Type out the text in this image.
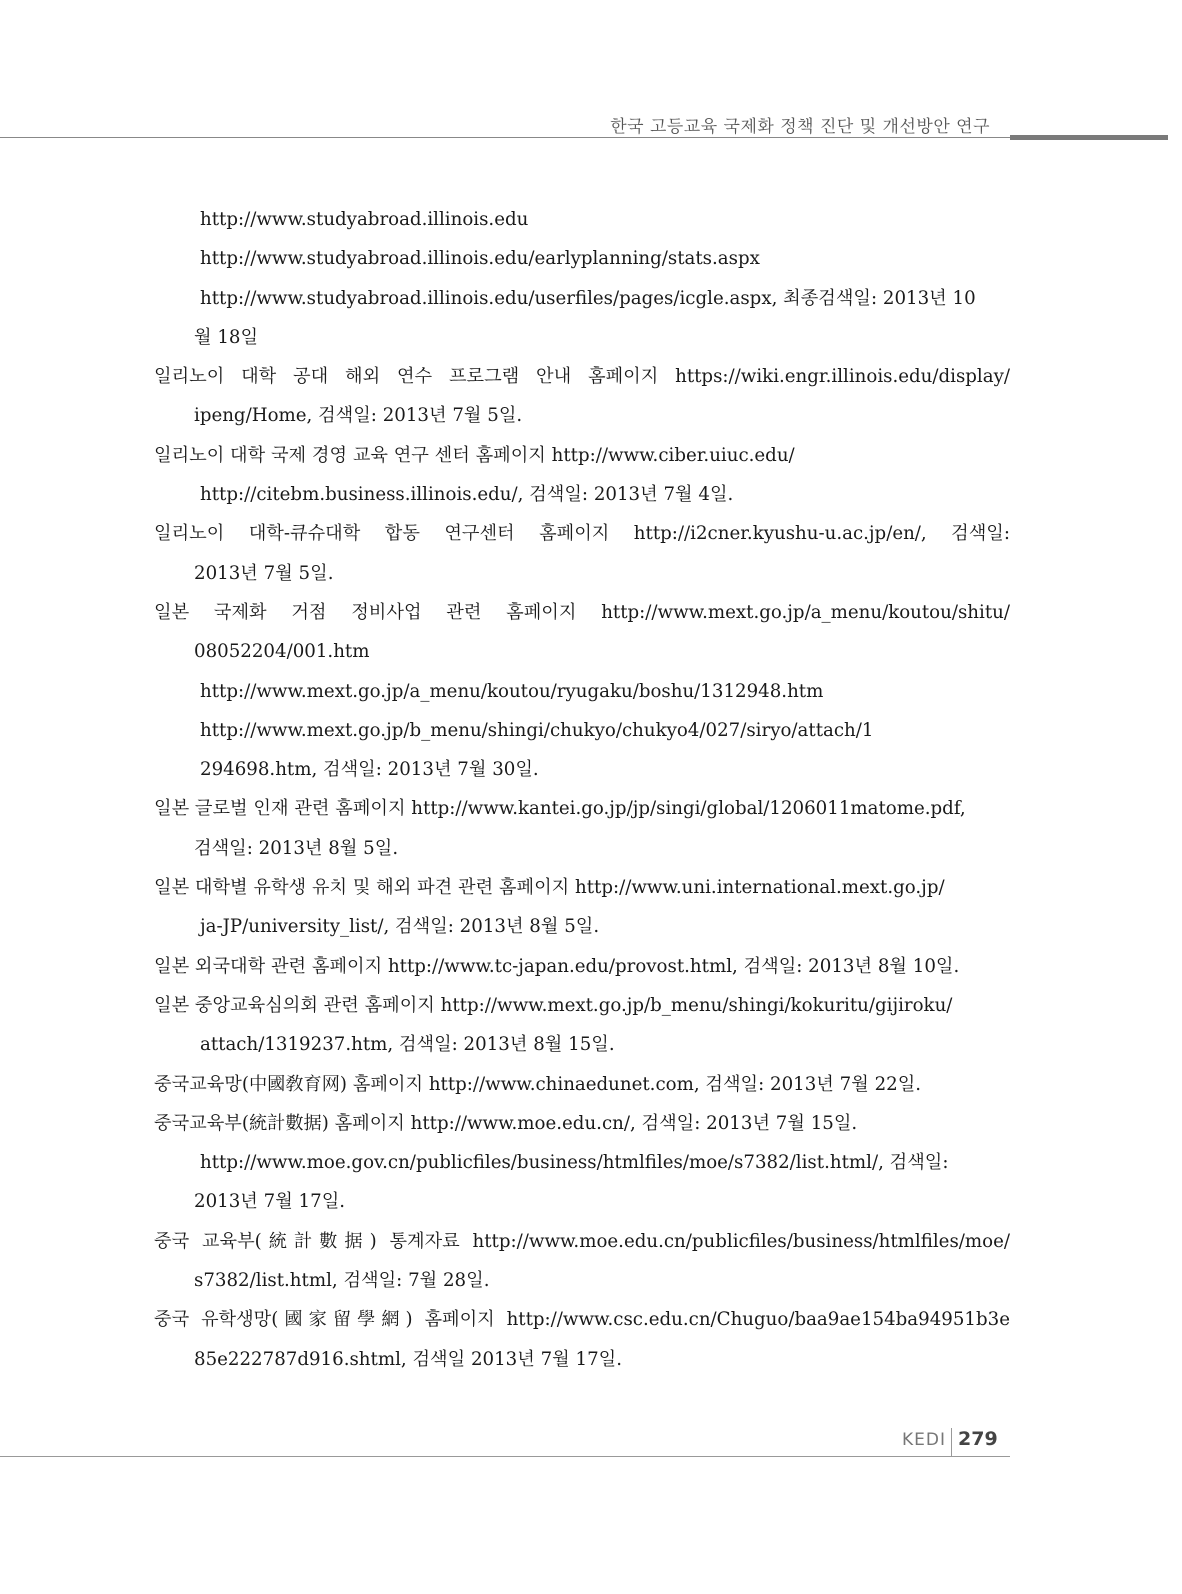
한국 고등교육 국제화 정책 진단 및 개선방안 연구
http://www.studyabroad.illinois.edu
http://www.studyabroad.illinois.edu/earlyplanning/stats.aspx
http://www.studyabroad.illinois.edu/userfiles/pages/icgle.aspx, 최종검색일: 2013년 10
월 18일
일리노이 대학 공대 해외 연수 프로그램 안내 홈페이지 https://wiki.engr.illinois.edu/display/
ipeng/Home, 검색일: 2013년 7월 5일.
일리노이 대학 국제 경영 교육 연구 센터 홈페이지 http://www.ciber.uiuc.edu/
http://citebm.business.illinois.edu/, 검색일: 2013년 7월 4일.
일리노이 대학-큐슈대학 합동 연구센터 홈페이지 http://i2cner.kyushu-u.ac.jp/en/, 검색일:
2013년 7월 5일.
일본 국제화 거점 정비사업 관련 홈페이지 http://www.mext.go.jp/a_menu/koutou/shitu/
08052204/001.htm
http://www.mext.go.jp/a_menu/koutou/ryugaku/boshu/1312948.htm
http://www.mext.go.jp/b_menu/shingi/chukyo/chukyo4/027/siryo/attach/1
294698.htm, 검색일: 2013년 7월 30일.
일본 글로벌 인재 관련 홈페이지 http://www.kantei.go.jp/jp/singi/global/1206011matome.pdf,
검색일: 2013년 8월 5일.
일본 대학별 유학생 유치 및 해외 파견 관련 홈페이지 http://www.uni.international.mext.go.jp/
ja-JP/university_list/, 검색일: 2013년 8월 5일.
일본 외국대학 관련 홈페이지 http://www.tc-japan.edu/provost.html, 검색일: 2013년 8월 10일.
일본 중앙교육심의회 관련 홈페이지 http://www.mext.go.jp/b_menu/shingi/kokuritu/gijiroku/
attach/1319237.htm, 검색일: 2013년 8월 15일.
중국교육망(中國敎育网) 홈페이지 http://www.chinaedunet.com, 검색일: 2013년 7월 22일.
중국교육부(統計數据) 홈페이지 http://www.moe.edu.cn/, 검색일: 2013년 7월 15일.
http://www.moe.gov.cn/publicfiles/business/htmlfiles/moe/s7382/list.html/, 검색일:
2013년 7월 17일.
중국 교육부(統計數据) 통계자료 http://www.moe.edu.cn/publicfiles/business/htmlfiles/moe/
s7382/list.html, 검색일: 7월 28일.
중국 유학생망(國家留學網) 홈페이지 http://www.csc.edu.cn/Chuguo/baa9ae154ba94951b3e
85e222787d916.shtml, 검색일 2013년 7월 17일.
KEDI 279
